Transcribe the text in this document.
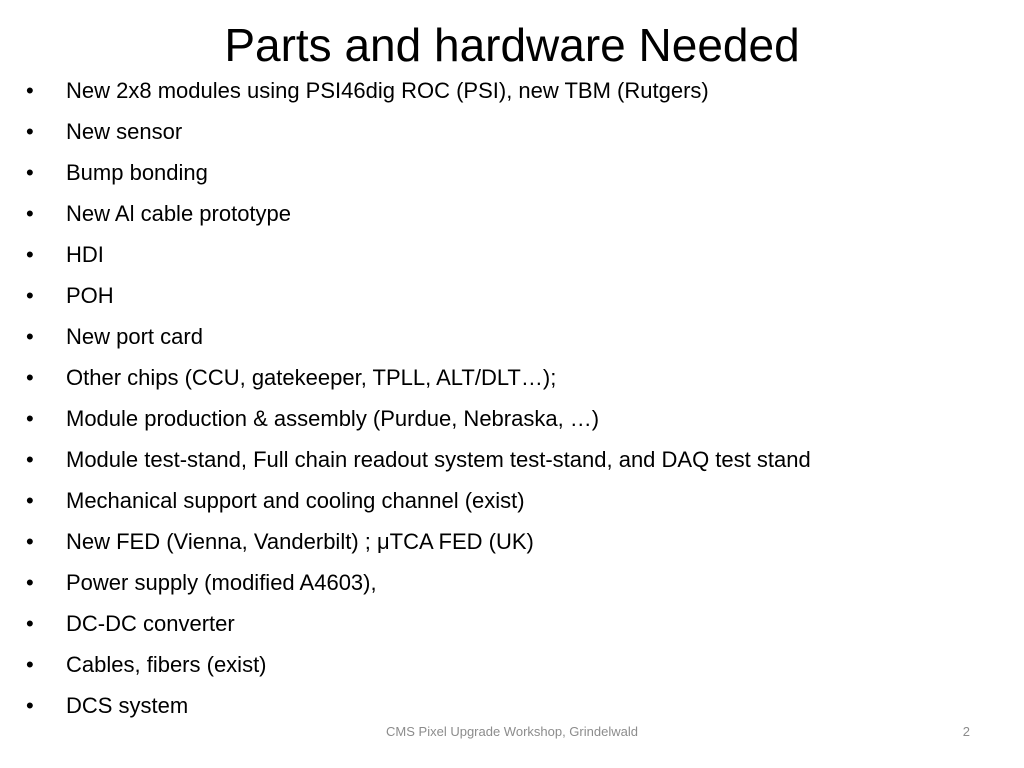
Parts and hardware Needed
• New 2x8 modules using PSI46dig ROC (PSI), new TBM (Rutgers)
• New sensor
• Bump bonding
• New Al cable prototype
• HDI
• POH
• New port card
• Other chips (CCU, gatekeeper, TPLL, ALT/DLT…);
• Module production & assembly (Purdue, Nebraska, …)
• Module test-stand, Full chain readout system test-stand, and DAQ test stand
• Mechanical support and cooling channel (exist)
• New FED (Vienna, Vanderbilt) ; μTCA FED (UK)
• Power supply (modified A4603),
• DC-DC converter
• Cables, fibers (exist)
• DCS system
CMS Pixel Upgrade Workshop, Grindelwald	2
